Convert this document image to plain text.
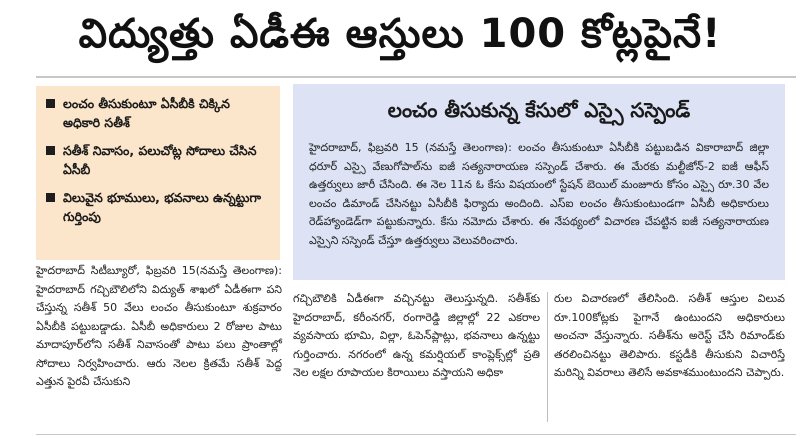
విద్యుత్తు ఏడీఈ ఆస్తులు 100 కోట్లపైనే!
లంచం తీసుకుంటూ ఏసీబీకి చిక్కిన అధికారి సతీశ్
సతీశ్ నివాసం, పలుచోట్ల సోదాలు చేసిన ఏసీబీ
విలువైన భూములు, భవనాలు ఉన్నట్టుగా గుర్తింపు
లంచం తీసుకున్న కేసులో ఎస్సై సస్పెండ్
హైదరాబాద్, ఫిబ్రవరి 15 (నమస్తే తెలంగాణ): లంచం తీసుకుంటూ ఏసీబీకి పట్టుబడిన వికారాబాద్ జిల్లా ధరూర్ ఎస్సై వేణుగోపాల్‌ను ఐజీ సత్యనారాయణ సస్పెండ్ చేశారు. ఈ మేరకు మల్టీజోన్-2 ఐజీ ఆఫీస్ ఉత్తర్వులు జారీ చేసింది. ఈ నెల 11న ఓ కేసు విషయంలో స్టేషన్ బెయిల్ మంజూరు కోసం ఎస్సై రూ.30 వేల లంచం డిమాండ్ చేసినట్టు ఏసీబీకి ఫిర్యాదు అందింది. ఎస్‌ఐ లంచం తీసుకుంటుండగా ఏసీబీ అధికారులు రెడ్‌హ్యాండెడ్‌గా పట్టుకున్నారు. కేసు నమోదు చేశారు. ఈ నేపథ్యంలో విచారణ చేపట్టిన ఐజీ సత్యనారాయణ ఎస్సైని సస్పెండ్ చేస్తూ ఉత్తర్వులు వెలువరించారు.
హైదరాబాద్ సిటీబ్యూరో, ఫిబ్రవరి 15(నమస్తే తెలంగాణ): హైదరాబాద్ గచ్చిబౌలిలోని విద్యుత్ శాఖలో ఏడీఈగా పని చేస్తున్న సతీశ్ 50 వేలు లంచం తీసుకుంటూ శుక్రవారం ఏసీబీకి పట్టుబడ్డాడు. ఏసీబీ అధికారులు 2 రోజుల పాటు మాదాపూర్‌లోని సతీశ్ నివాసంతో పాటు పలు ప్రాంతాల్లో సోదాలు నిర్వహించారు. ఆరు నెలల క్రితమే సతీశ్ పెద్ద ఎత్తున పైరవీ చేసుకుని
గచ్చిబౌలికి ఏడీఈగా వచ్చినట్టు తెలుస్తున్నది. సతీశ్‌కు హైదరాబాద్, కరీంనగర్, రంగారెడ్డి జిల్లాల్లో 22 ఎకరాల వ్యవసాయ భూమి, విల్లా, ఓపెన్‌ప్లాట్లు, భవనాలు ఉన్నట్టు గుర్తించారు. నగరంలో ఉన్న కమర్షియల్ కాంప్లెక్స్‌ల్లో ప్రతి నెల లక్షల రూపాయల కిరాయిలు వస్తాయని అధికా
రుల విచారణలో తేలిసింది. సతీశ్ ఆస్తుల విలువ రూ.100కోట్లకు పైగానే ఉంటుందని అధికారులు అంచనా వేస్తున్నారు. సతీశ్‌ను అరెస్ట్ చేసి రిమాండ్‌కు తరలించినట్టు తెలిపారు. కస్టడీకి తీసుకుని విచారిస్తే మరిన్ని వివరాలు తెలిసే అవకాశముంటుందని చెప్పారు.
